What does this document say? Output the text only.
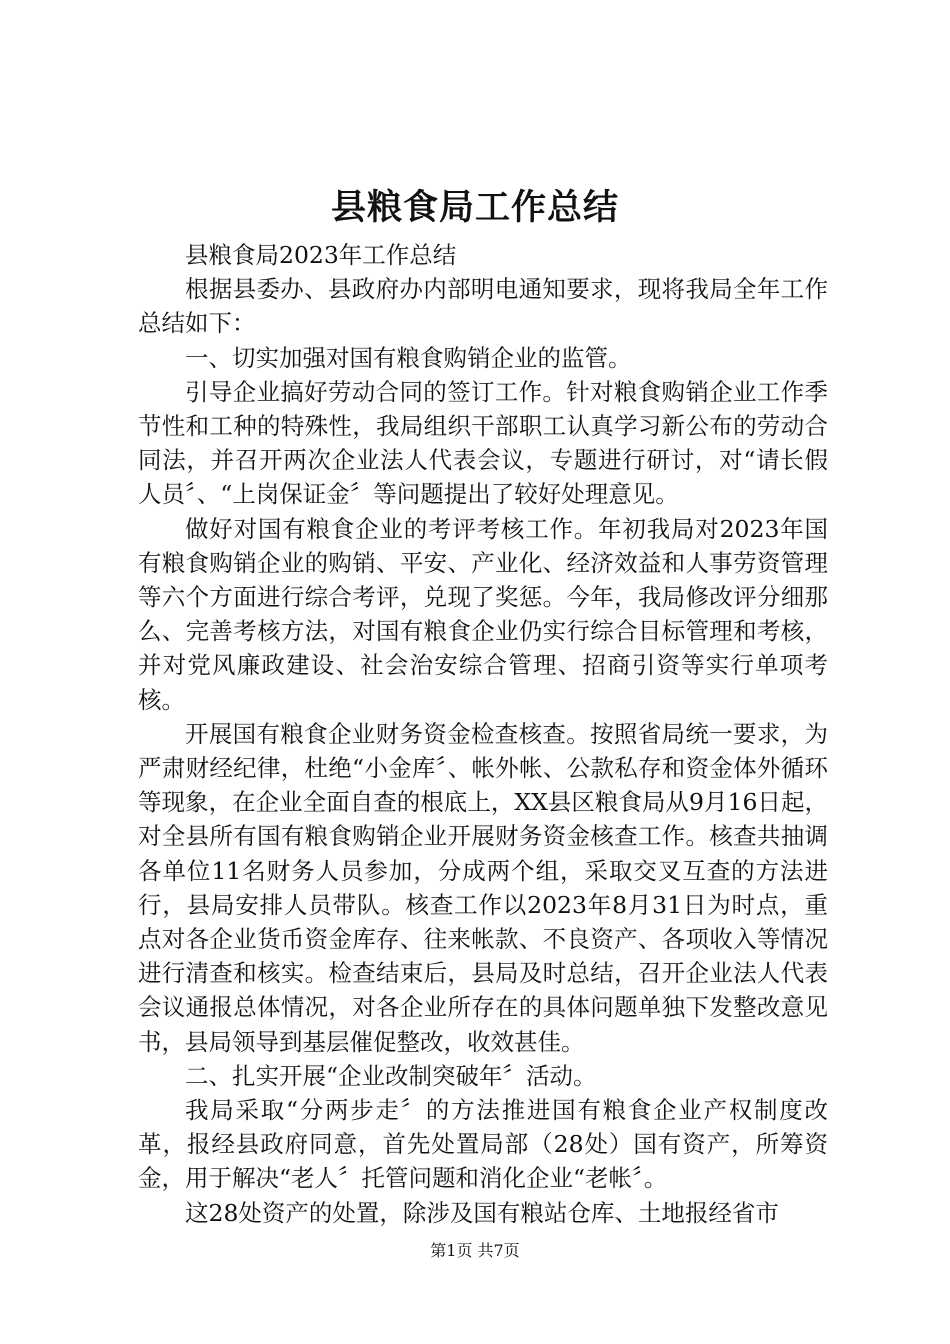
县粮食局工作总结

县粮食局2023年工作总结

根据县委办、县政府办内部明电通知要求，现将我局全年工作总结如下：

一、切实加强对国有粮食购销企业的监管。

引导企业搞好劳动合同的签订工作。针对粮食购销企业工作季节性和工种的特殊性，我局组织干部职工认真学习新公布的劳动合同法，并召开两次企业法人代表会议，专题进行研讨，对“请长假人员〞、“上岗保证金〞等问题提出了较好处理意见。

做好对国有粮食企业的考评考核工作。年初我局对2023年国有粮食购销企业的购销、平安、产业化、经济效益和人事劳资管理等六个方面进行综合考评，兑现了奖惩。今年，我局修改评分细那么、完善考核方法，对国有粮食企业仍实行综合目标管理和考核，并对党风廉政建设、社会治安综合管理、招商引资等实行单项考核。

开展国有粮食企业财务资金检查核查。按照省局统一要求，为严肃财经纪律，杜绝“小金库〞、帐外帐、公款私存和资金体外循环等现象，在企业全面自查的根底上，XX县区粮食局从9月16日起，对全县所有国有粮食购销企业开展财务资金核查工作。核查共抽调各单位11名财务人员参加，分成两个组，采取交叉互查的方法进行，县局安排人员带队。核查工作以2023年8月31日为时点，重点对各企业货币资金库存、往来帐款、不良资产、各项收入等情况进行清查和核实。检查结束后，县局及时总结，召开企业法人代表会议通报总体情况，对各企业所存在的具体问题单独下发整改意见书，县局领导到基层催促整改，收效甚佳。

二、扎实开展“企业改制突破年〞活动。

我局采取“分两步走〞的方法推进国有粮食企业产权制度改革，报经县政府同意，首先处置局部（28处）国有资产，所筹资金，用于解决“老人〞托管问题和消化企业“老帐〞。

这28处资产的处置，除涉及国有粮站仓库、土地报经省市

第1页 共7页
